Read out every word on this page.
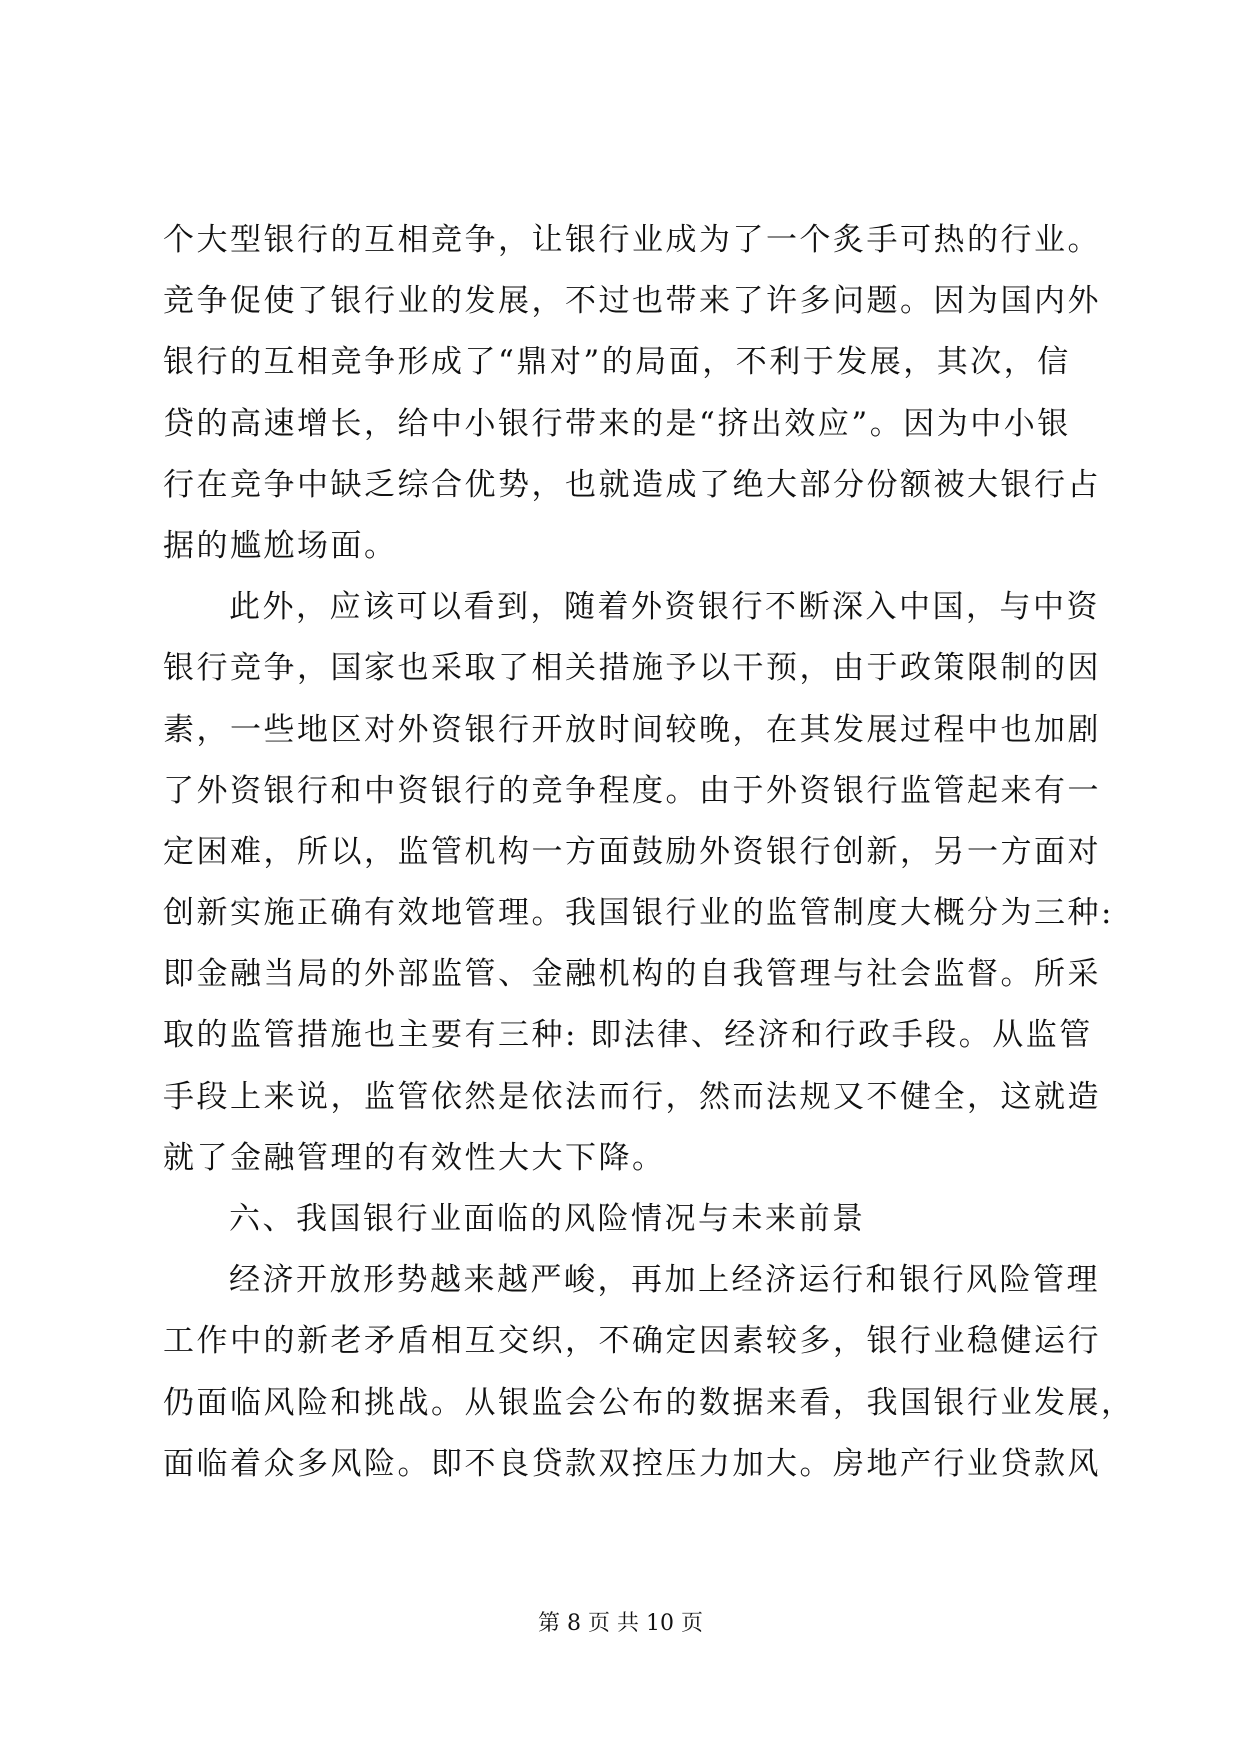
个大型银行的互相竞争，让银行业成为了一个炙手可热的行业。
竞争促使了银行业的发展，不过也带来了许多问题。因为国内外
银行的互相竞争形成了“鼎对”的局面，不利于发展，其次，信
贷的高速增长，给中小银行带来的是“挤出效应”。因为中小银
行在竞争中缺乏综合优势，也就造成了绝大部分份额被大银行占
据的尴尬场面。
此外，应该可以看到，随着外资银行不断深入中国，与中资
银行竞争，国家也采取了相关措施予以干预，由于政策限制的因
素，一些地区对外资银行开放时间较晚，在其发展过程中也加剧
了外资银行和中资银行的竞争程度。由于外资银行监管起来有一
定困难，所以，监管机构一方面鼓励外资银行创新，另一方面对
创新实施正确有效地管理。我国银行业的监管制度大概分为三种:
即金融当局的外部监管、金融机构的自我管理与社会监督。所采
取的监管措施也主要有三种: 即法律、经济和行政手段。从监管
手段上来说，监管依然是依法而行，然而法规又不健全，这就造
就了金融管理的有效性大大下降。
六、我国银行业面临的风险情况与未来前景
经济开放形势越来越严峻，再加上经济运行和银行风险管理
工作中的新老矛盾相互交织，不确定因素较多，银行业稳健运行
仍面临风险和挑战。从银监会公布的数据来看，我国银行业发展，
面临着众多风险。即不良贷款双控压力加大。房地产行业贷款风
第 8 页 共 10 页
